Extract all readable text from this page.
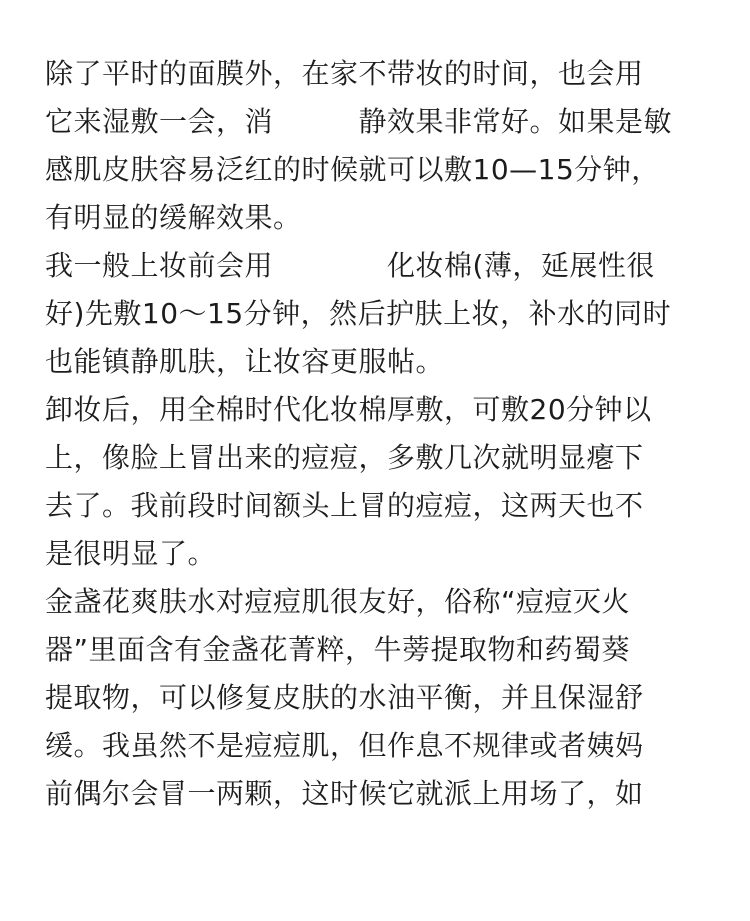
除了平时的面膜外，在家不带妆的时间，也会用
它来湿敷一会，消　　　静效果非常好。如果是敏
感肌皮肤容易泛红的时候就可以敷10—15分钟，
有明显的缓解效果。
我一般上妆前会用　　　　化妆棉(薄，延展性很
好)先敷10～15分钟，然后护肤上妆，补水的同时
也能镇静肌肤，让妆容更服帖。
卸妆后，用全棉时代化妆棉厚敷，可敷20分钟以
上，像脸上冒出来的痘痘，多敷几次就明显瘪下
去了。我前段时间额头上冒的痘痘，这两天也不
是很明显了。
金盏花爽肤水对痘痘肌很友好，俗称“痘痘灭火
器”里面含有金盏花菁粹，牛蒡提取物和药蜀葵
提取物，可以修复皮肤的水油平衡，并且保湿舒
缓。我虽然不是痘痘肌，但作息不规律或者姨妈
前偶尔会冒一两颗，这时候它就派上用场了，如
